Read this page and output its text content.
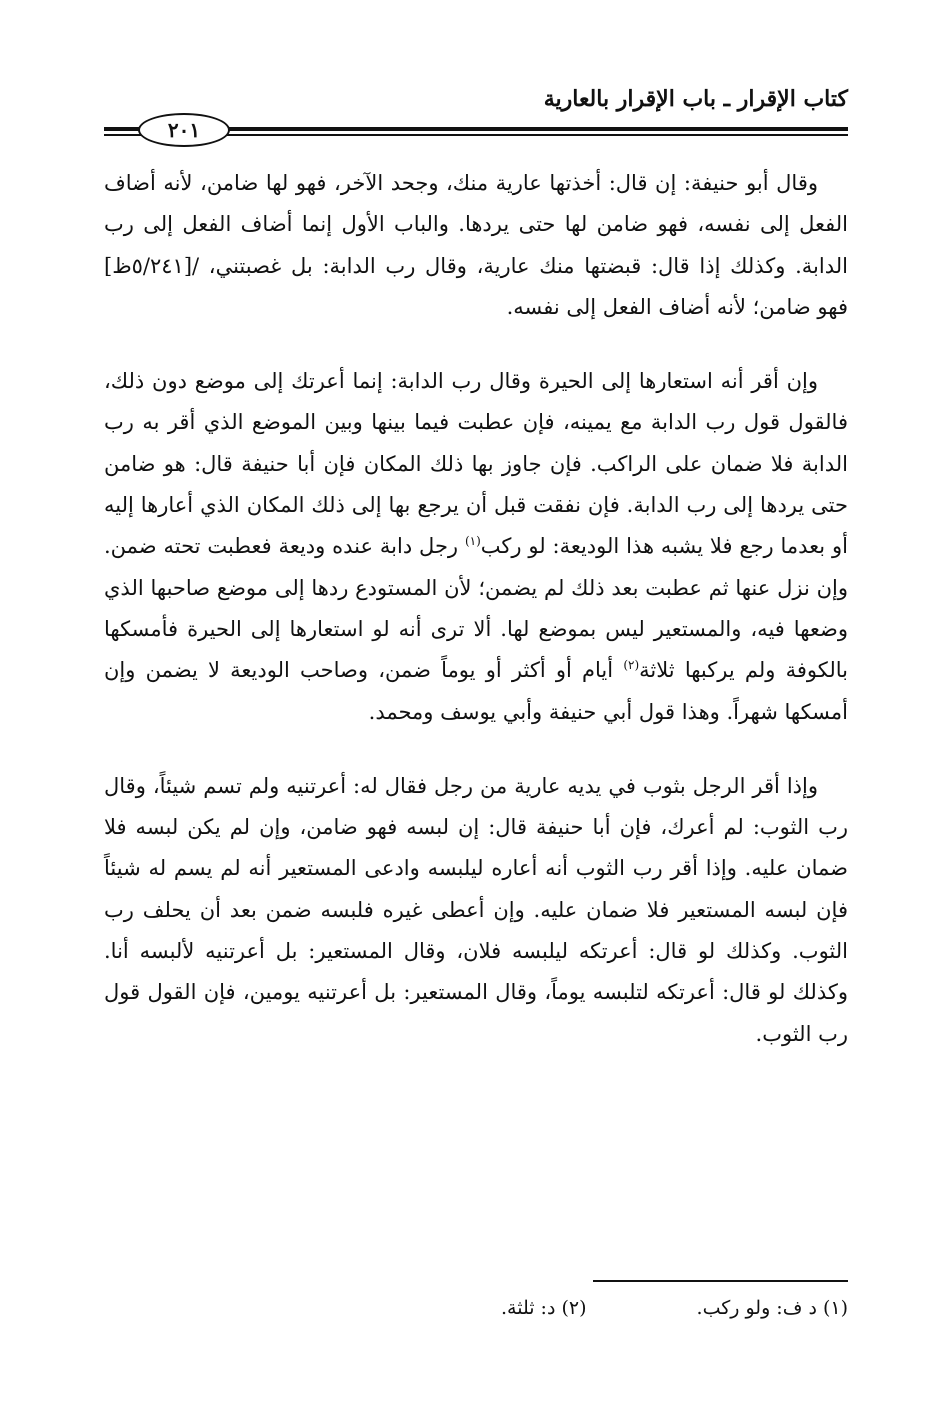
كتاب الإقرار ـ باب الإقرار بالعارية
٢٠١

وقال أبو حنيفة: إن قال: أخذتها عارية منك، وجحد الآخر، فهو لها ضامن، لأنه أضاف الفعل إلى نفسه، فهو ضامن لها حتى يردها. والباب الأول إنما أضاف الفعل إلى رب الدابة. وكذلك إذا قال: قبضتها منك عارية، وقال رب الدابة: بل غصبتني، /[٥/٢٤١ظ] فهو ضامن؛ لأنه أضاف الفعل إلى نفسه.

وإن أقر أنه استعارها إلى الحيرة وقال رب الدابة: إنما أعرتك إلى موضع دون ذلك، فالقول قول رب الدابة مع يمينه، فإن عطبت فيما بينها وبين الموضع الذي أقر به رب الدابة فلا ضمان على الراكب. فإن جاوز بها ذلك المكان فإن أبا حنيفة قال: هو ضامن حتى يردها إلى رب الدابة. فإن نفقت قبل أن يرجع بها إلى ذلك المكان الذي أعارها إليه أو بعدما رجع فلا يشبه هذا الوديعة: لو ركب$^{(١)}$ رجل دابة عنده وديعة فعطبت تحته ضمن. وإن نزل عنها ثم عطبت بعد ذلك لم يضمن؛ لأن المستودع ردها إلى موضع صاحبها الذي وضعها فيه، والمستعير ليس بموضع لها. ألا ترى أنه لو استعارها إلى الحيرة فأمسكها بالكوفة ولم يركبها ثلاثة$^{(٢)}$ أيام أو أكثر أو يوماً ضمن، وصاحب الوديعة لا يضمن وإن أمسكها شهراً. وهذا قول أبي حنيفة وأبي يوسف ومحمد.

وإذا أقر الرجل بثوب في يديه عارية من رجل فقال له: أعرتنيه ولم تسم شيئاً، وقال رب الثوب: لم أعرك، فإن أبا حنيفة قال: إن لبسه فهو ضامن، وإن لم يكن لبسه فلا ضمان عليه. وإذا أقر رب الثوب أنه أعاره ليلبسه وادعى المستعير أنه لم يسم له شيئاً فإن لبسه المستعير فلا ضمان عليه. وإن أعطى غيره فلبسه ضمن بعد أن يحلف رب الثوب. وكذلك لو قال: أعرتكه ليلبسه فلان، وقال المستعير: بل أعرتنيه لألبسه أنا. وكذلك لو قال: أعرتكه لتلبسه يوماً، وقال المستعير: بل أعرتنيه يومين، فإن القول قول رب الثوب.

(١) د ف: ولو ركب.
(٢) د: ثلثة.
